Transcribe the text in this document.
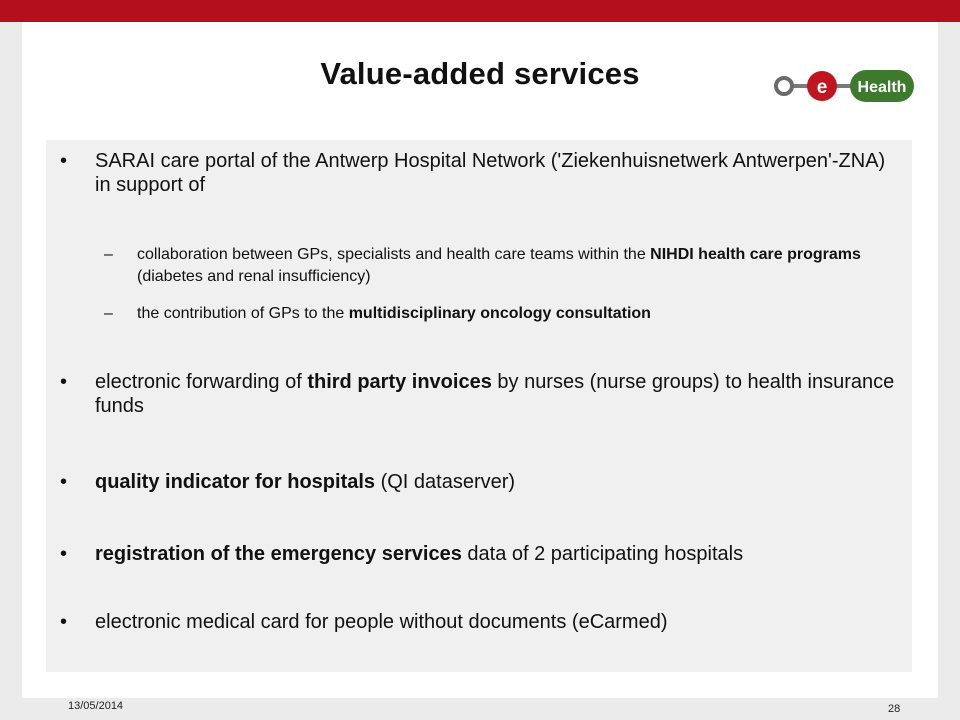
Value-added services	e Health
• SARAI care portal of the Antwerp Hospital Network ('Ziekenhuisnetwerk Antwerpen'-ZNA) in support of
– collaboration between GPs, specialists and health care teams within the NIHDI health care programs (diabetes and renal insufficiency)
– the contribution of GPs to the multidisciplinary oncology consultation
• electronic forwarding of third party invoices by nurses (nurse groups) to health insurance funds
• quality indicator for hospitals (QI dataserver)
• registration of the emergency services data of 2 participating hospitals
• electronic medical card for people without documents (eCarmed)
13/05/2014	28
